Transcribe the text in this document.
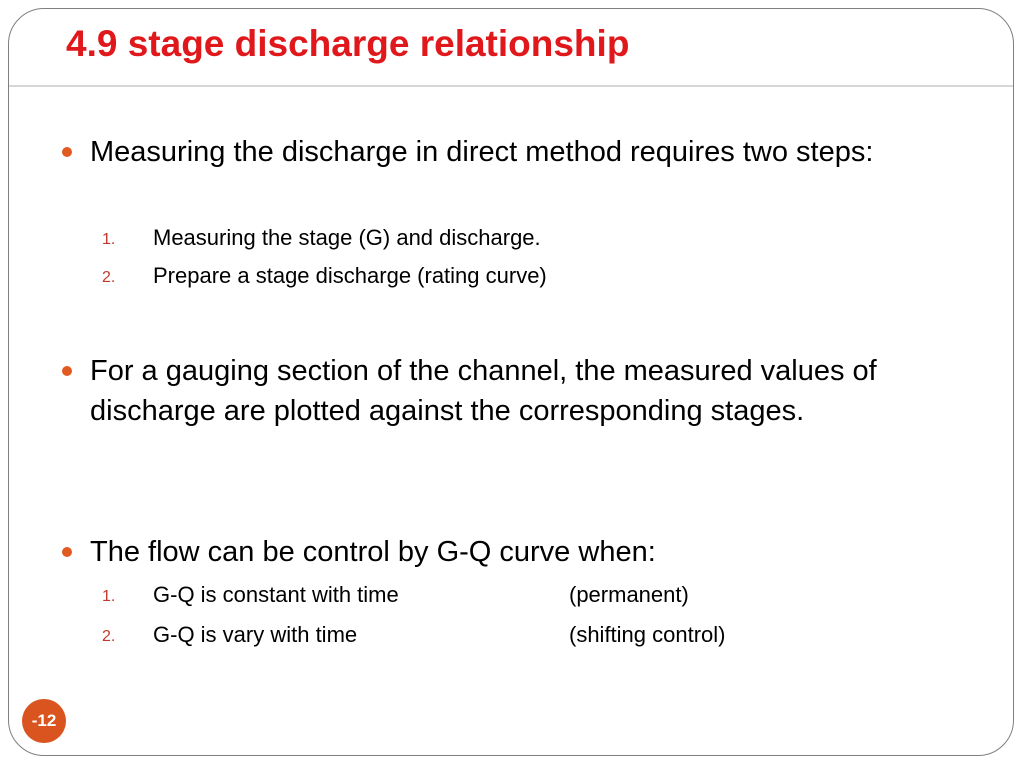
4.9 stage discharge relationship
Measuring the discharge in direct method requires two steps:
1. Measuring the stage (G) and discharge.
2. Prepare a stage discharge (rating curve)
For a gauging section of the channel, the measured values of discharge are plotted against the corresponding stages.
The flow can be control by G-Q curve when:
1. G-Q is constant with time	(permanent)
2. G-Q is vary with time	(shifting control)
-12
